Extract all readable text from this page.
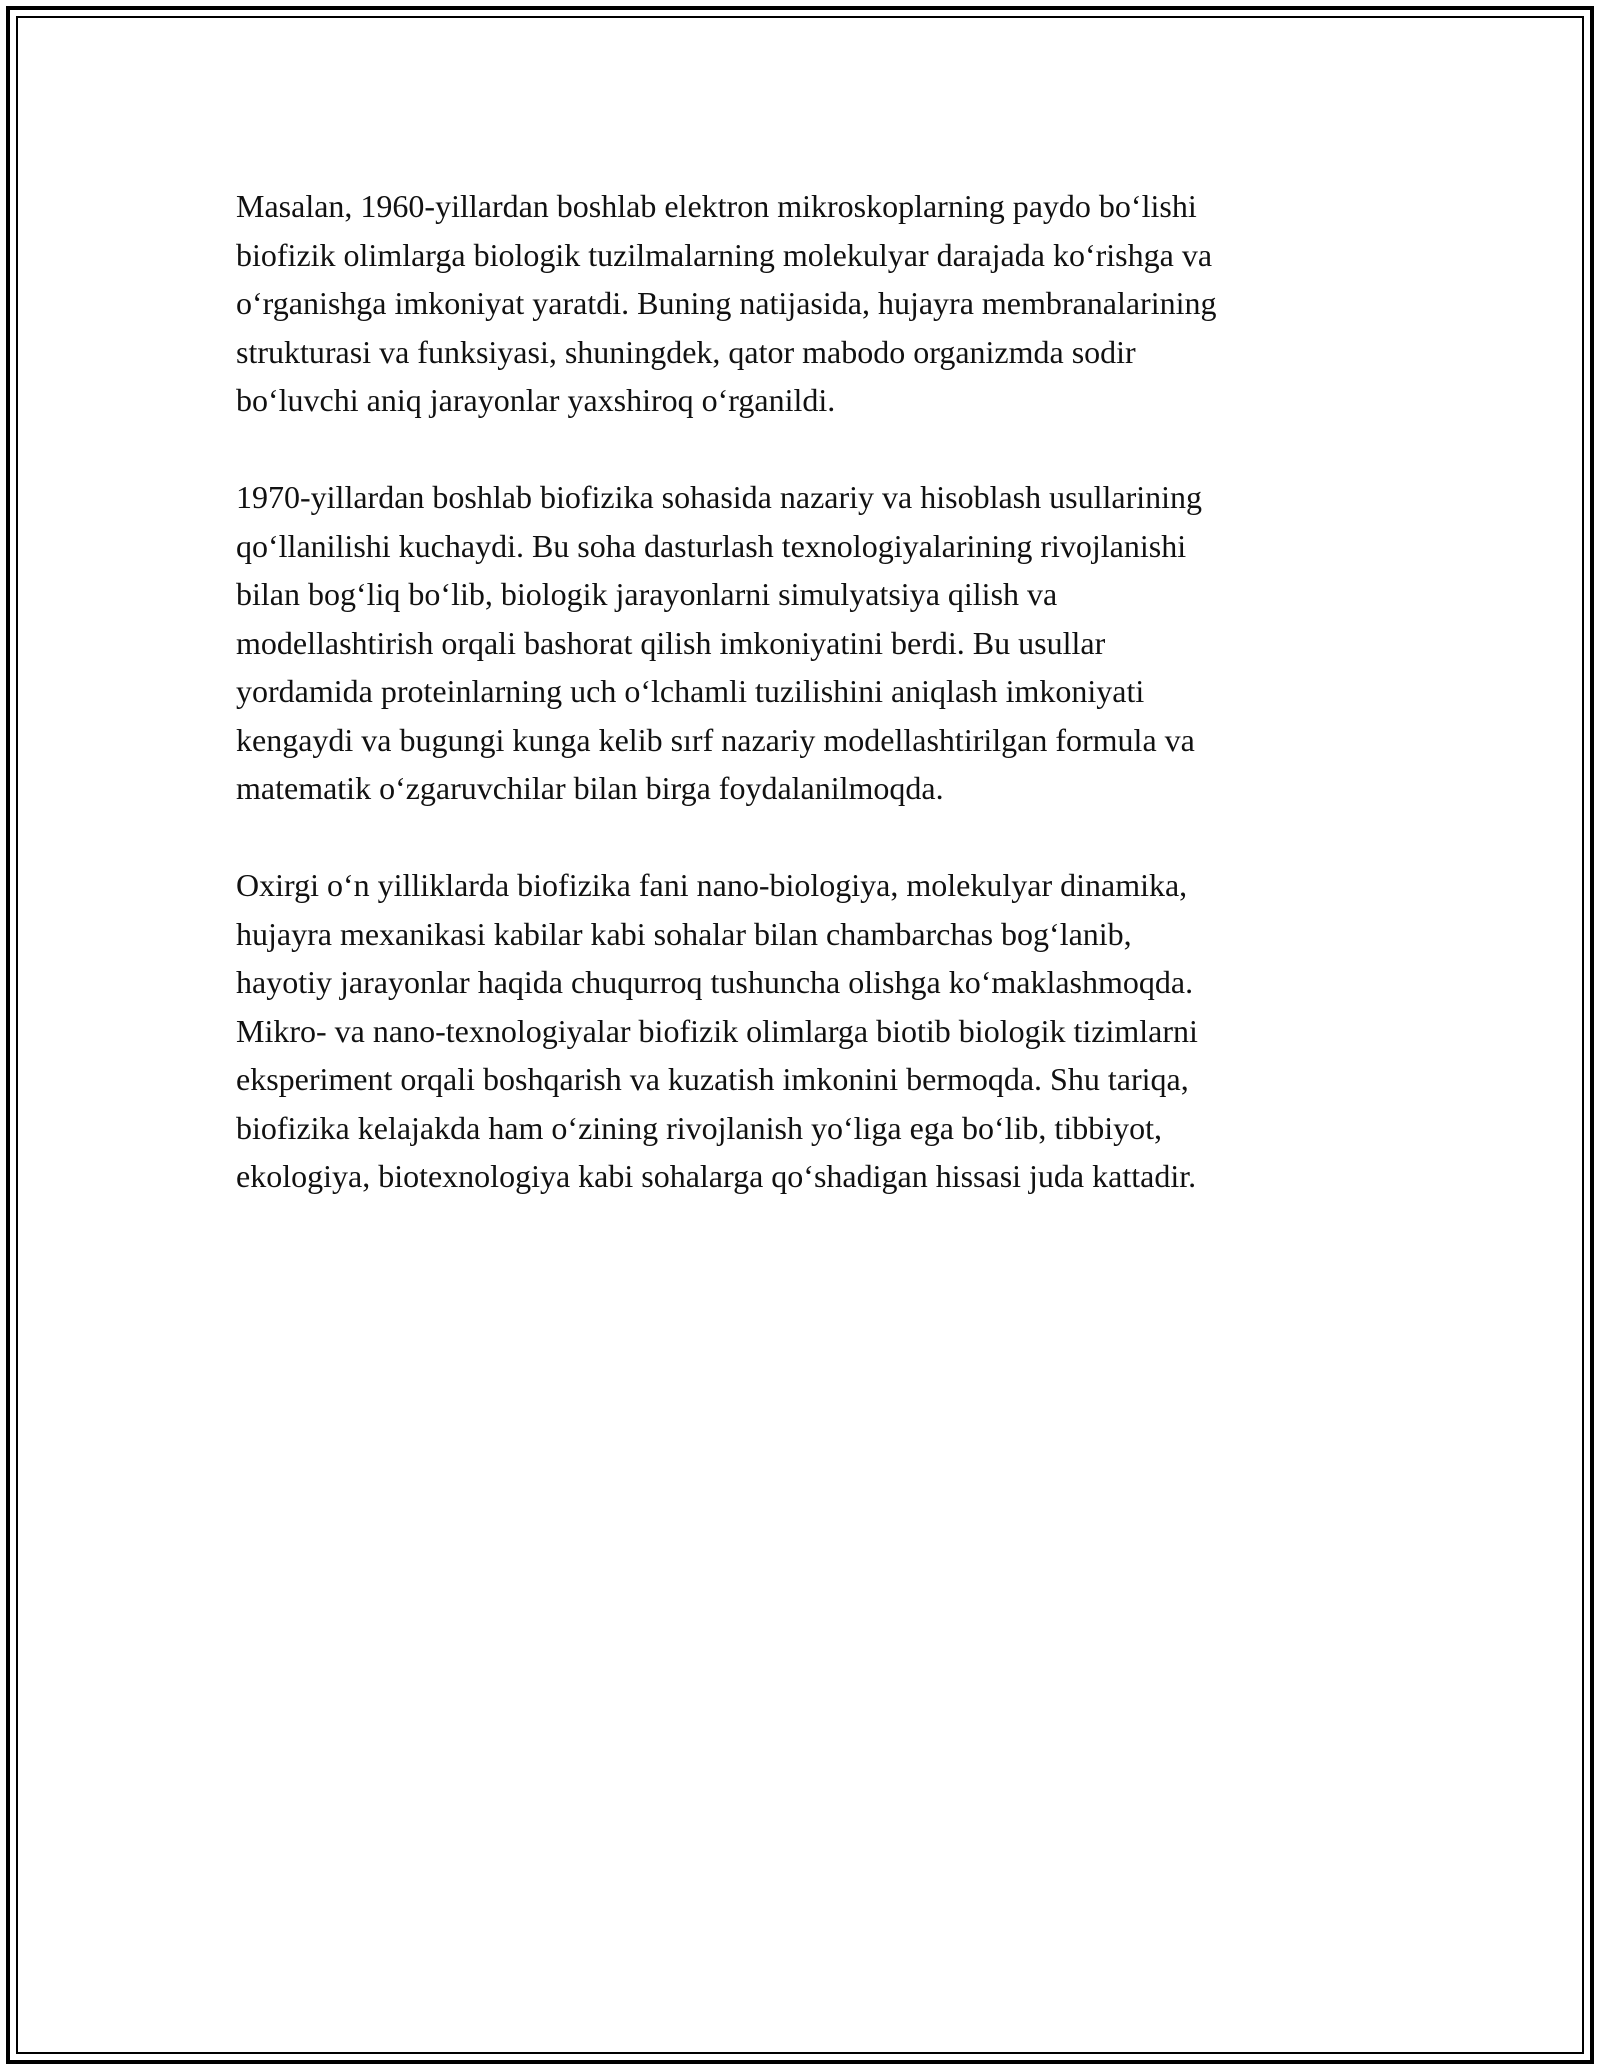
Masalan, 1960-yillardan boshlab elektron mikroskoplarning paydo bo‘lishi
biofizik olimlarga biologik tuzilmalarning molekulyar darajada ko‘rishga va
o‘rganishga imkoniyat yaratdi. Buning natijasida, hujayra membranalarining
strukturasi va funksiyasi, shuningdek, qator mabodo organizmda sodir
bo‘luvchi aniq jarayonlar yaxshiroq o‘rganildi.

1970-yillardan boshlab biofizika sohasida nazariy va hisoblash usullarining
qo‘llanilishi kuchaydi. Bu soha dasturlash texnologiyalarining rivojlanishi
bilan bog‘liq bo‘lib, biologik jarayonlarni simulyatsiya qilish va
modellashtirish orqali bashorat qilish imkoniyatini berdi. Bu usullar
yordamida proteinlarning uch o‘lchamli tuzilishini aniqlash imkoniyati
kengaydi va bugungi kunga kelib sırf nazariy modellashtirilgan formula va
matematik o‘zgaruvchilar bilan birga foydalanilmoqda.

Oxirgi o‘n yilliklarda biofizika fani nano-biologiya, molekulyar dinamika,
hujayra mexanikasi kabilar kabi sohalar bilan chambarchas bog‘lanib,
hayotiy jarayonlar haqida chuqurroq tushuncha olishga ko‘maklashmoqda.
Mikro- va nano-texnologiyalar biofizik olimlarga biotib biologik tizimlarni
eksperiment orqali boshqarish va kuzatish imkonini bermoqda. Shu tariqa,
biofizika kelajakda ham o‘zining rivojlanish yo‘liga ega bo‘lib, tibbiyot,
ekologiya, biotexnologiya kabi sohalarga qo‘shadigan hissasi juda kattadir.
